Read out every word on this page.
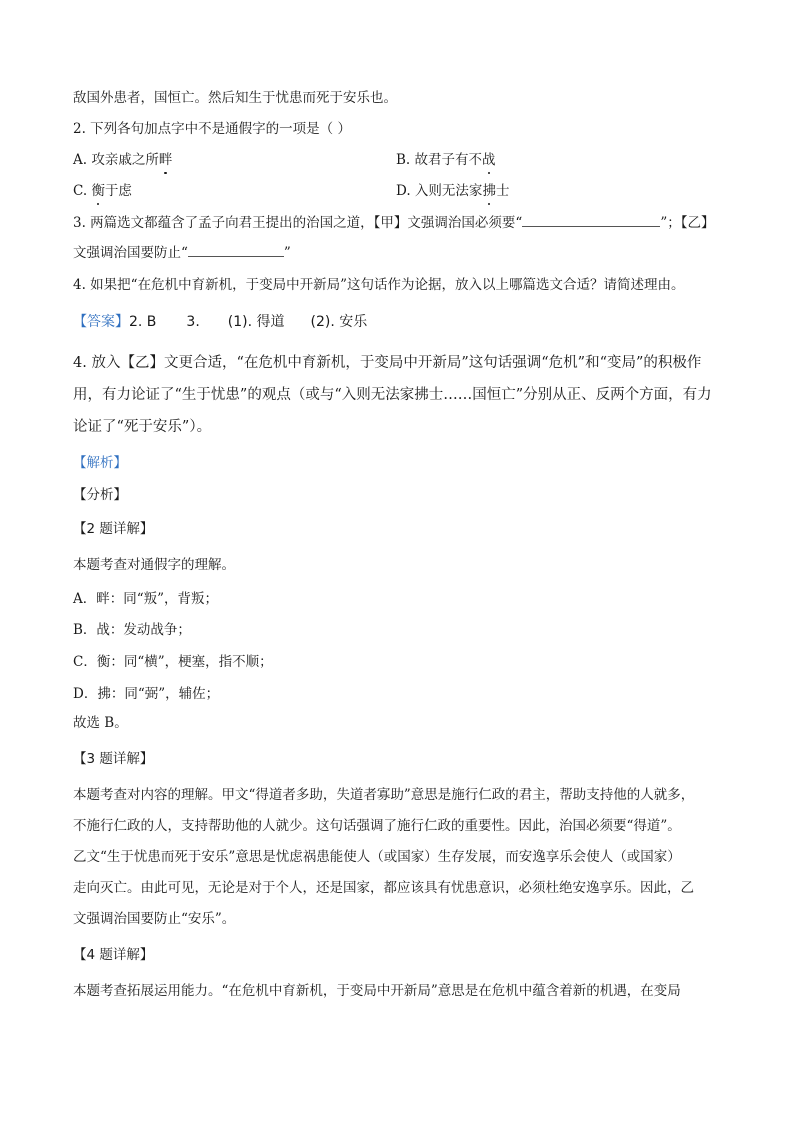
敌国外患者，国恒亡。然后知生于忧患而死于安乐也。
2. 下列各句加点字中不是通假字的一项是（ ）
A. 攻亲戚之所畔	B. 故君子有不战
C. 衡于虑	D. 入则无法家拂士
3. 两篇选文都蕴含了孟子向君王提出的治国之道，【甲】文强调治国必须要“	”；【乙】
文强调治国要防止“	”
4. 如果把“在危机中育新机，于变局中开新局”这句话作为论据，放入以上哪篇选文合适？请简述理由。
【答案】2. B 3. (1). 得道 (2). 安乐
4. 放入【乙】文更合适，“在危机中育新机，于变局中开新局”这句话强调“危机”和“变局”的积极作
用，有力论证了“生于忧患”的观点（或与“入则无法家拂士……国恒亡”分别从正、反两个方面，有力
论证了“死于安乐”）。
【解析】
【分析】
【2 题详解】
本题考查对通假字的理解。
A．畔：同“叛”，背叛；
B．战：发动战争；
C．衡：同“横”，梗塞，指不顺；
D．拂：同“弼”，辅佐；
故选 B。
【3 题详解】
本题考查对内容的理解。甲文“得道者多助，失道者寡助”意思是施行仁政的君主，帮助支持他的人就多，
不施行仁政的人，支持帮助他的人就少。这句话强调了施行仁政的重要性。因此，治国必须要“得道”。
乙文“生于忧患而死于安乐”意思是忧虑祸患能使人（或国家）生存发展，而安逸享乐会使人（或国家）
走向灭亡。由此可见，无论是对于个人，还是国家，都应该具有忧患意识，必须杜绝安逸享乐。因此，乙
文强调治国要防止“安乐”。
【4 题详解】
本题考查拓展运用能力。“在危机中育新机，于变局中开新局”意思是在危机中蕴含着新的机遇，在变局
